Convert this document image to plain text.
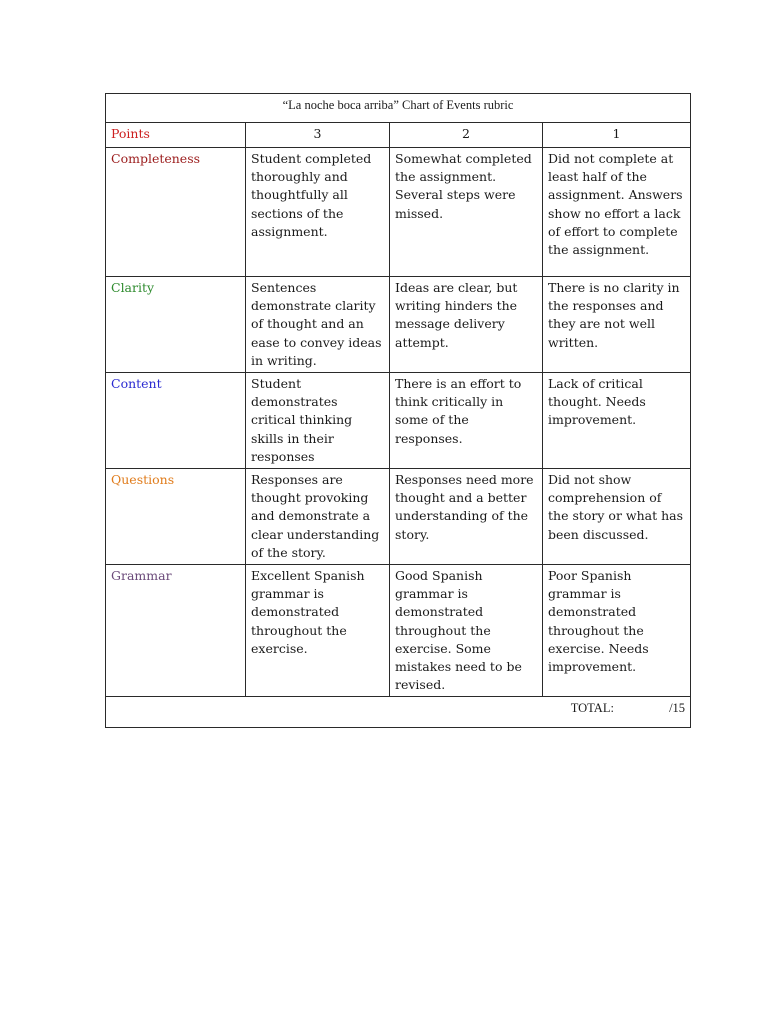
“La noche boca arriba” Chart of Events rubric			
Points	3	2	1
Completeness	Student completed thoroughly and thoughtfully all sections of the assignment.	Somewhat completed the assignment. Several steps were missed.	Did not complete at least half of the assignment. Answers show no effort a lack of effort to complete the assignment.
Clarity	Sentences demonstrate clarity of thought and an ease to convey ideas in writing.	Ideas are clear, but writing hinders the message delivery attempt.	There is no clarity in the responses and they are not well written.
Content	Student demonstrates critical thinking skills in their responses	There is an effort to think critically in some of the responses.	Lack of critical thought. Needs improvement.
Questions	Responses are thought provoking and demonstrate a clear understanding of the story.	Responses need more thought and a better understanding of the story.	Did not show comprehension of the story or what has been discussed.
Grammar	Excellent Spanish grammar is demonstrated throughout the exercise.	Good Spanish grammar is demonstrated throughout the exercise. Some mistakes need to be revised.	Poor Spanish grammar is demonstrated throughout the exercise. Needs improvement.
TOTAL: /15			
